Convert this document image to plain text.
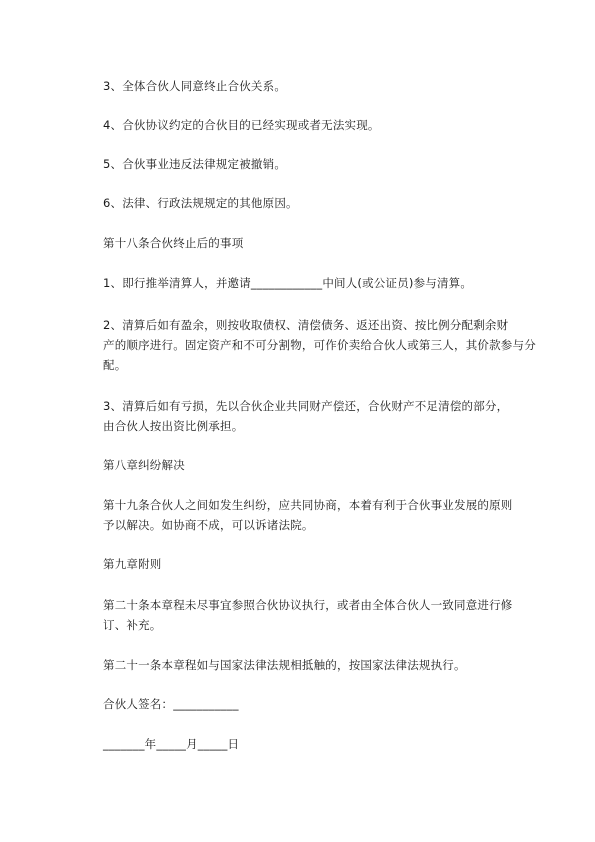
3、全体合伙人同意终止合伙关系。
4、合伙协议约定的合伙目的已经实现或者无法实现。
5、合伙事业违反法律规定被撤销。
6、法律、行政法规规定的其他原因。
第十八条合伙终止后的事项
1、即行推举清算人，并邀请____________中间人(或公证员)参与清算。
2、清算后如有盈余，则按收取债权、清偿债务、返还出资、按比例分配剩余财
产的顺序进行。固定资产和不可分割物，可作价卖给合伙人或第三人，其价款参与分
配。
3、清算后如有亏损，先以合伙企业共同财产偿还，合伙财产不足清偿的部分，
由合伙人按出资比例承担。
第八章纠纷解决
第十九条合伙人之间如发生纠纷，应共同协商，本着有利于合伙事业发展的原则
予以解决。如协商不成，可以诉诸法院。
第九章附则
第二十条本章程未尽事宜参照合伙协议执行，或者由全体合伙人一致同意进行修
订、补充。
第二十一条本章程如与国家法律法规相抵触的，按国家法律法规执行。
合伙人签名：___________
_______年_____月_____日
